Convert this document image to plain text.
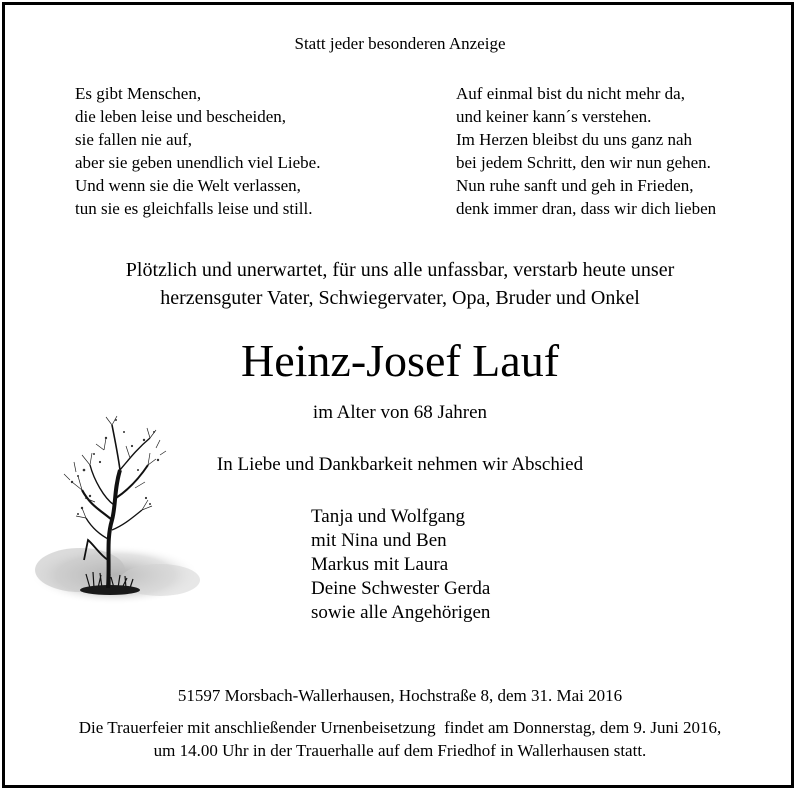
Statt jeder besonderen Anzeige
Es gibt Menschen,
die leben leise und bescheiden,
sie fallen nie auf,
aber sie geben unendlich viel Liebe.
Und wenn sie die Welt verlassen,
tun sie es gleichfalls leise und still.
Auf einmal bist du nicht mehr da,
und keiner kann´s verstehen.
Im Herzen bleibst du uns ganz nah
bei jedem Schritt, den wir nun gehen.
Nun ruhe sanft und geh in Frieden,
denk immer dran, dass wir dich lieben
Plötzlich und unerwartet, für uns alle unfassbar, verstarb heute unser
herzensguter Vater, Schwiegervater, Opa, Bruder und Onkel
Heinz-Josef Lauf
im Alter von 68 Jahren
In Liebe und Dankbarkeit nehmen wir Abschied
Tanja und Wolfgang
mit Nina und Ben
Markus mit Laura
Deine Schwester Gerda
sowie alle Angehörigen
51597 Morsbach-Wallerhausen, Hochstraße 8, dem 31. Mai 2016
Die Trauerfeier mit anschließender Urnenbeisetzung  findet am Donnerstag, dem 9. Juni 2016,
um 14.00 Uhr in der Trauerhalle auf dem Friedhof in Wallerhausen statt.
